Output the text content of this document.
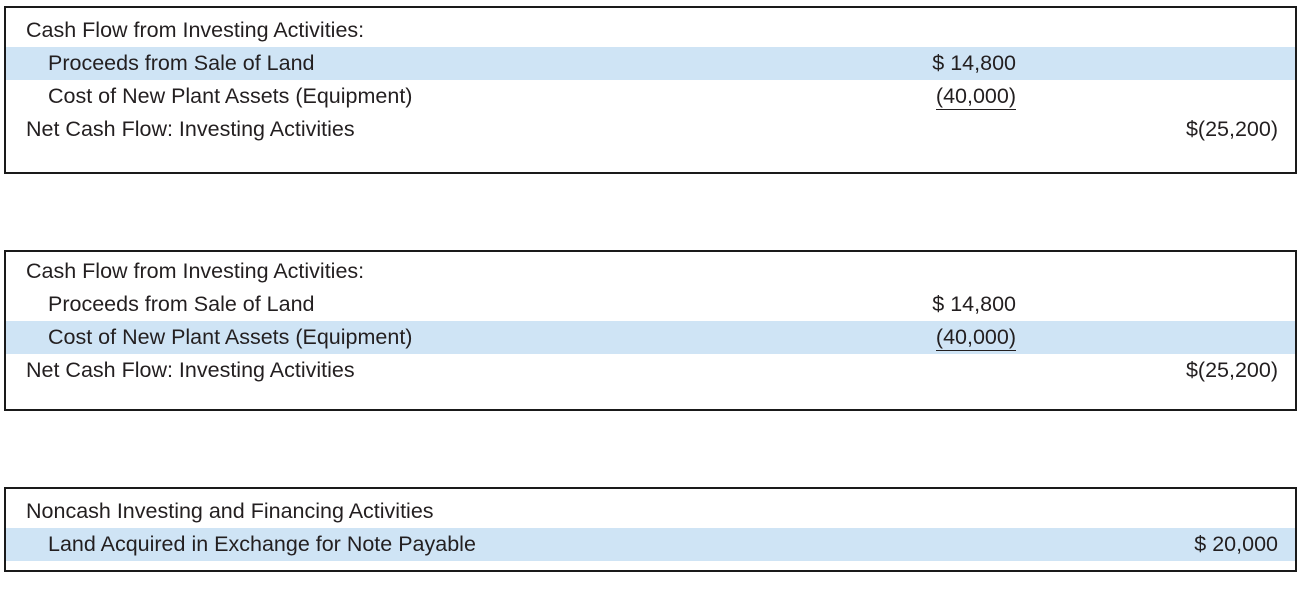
Cash Flow from Investing Activities:
Proceeds from Sale of Land	$ 14,800
Cost of New Plant Assets (Equipment)	(40,000)
Net Cash Flow: Investing Activities	$(25,200)
Cash Flow from Investing Activities:
Proceeds from Sale of Land	$ 14,800
Cost of New Plant Assets (Equipment)	(40,000)
Net Cash Flow: Investing Activities	$(25,200)
Noncash Investing and Financing Activities
Land Acquired in Exchange for Note Payable	$ 20,000
